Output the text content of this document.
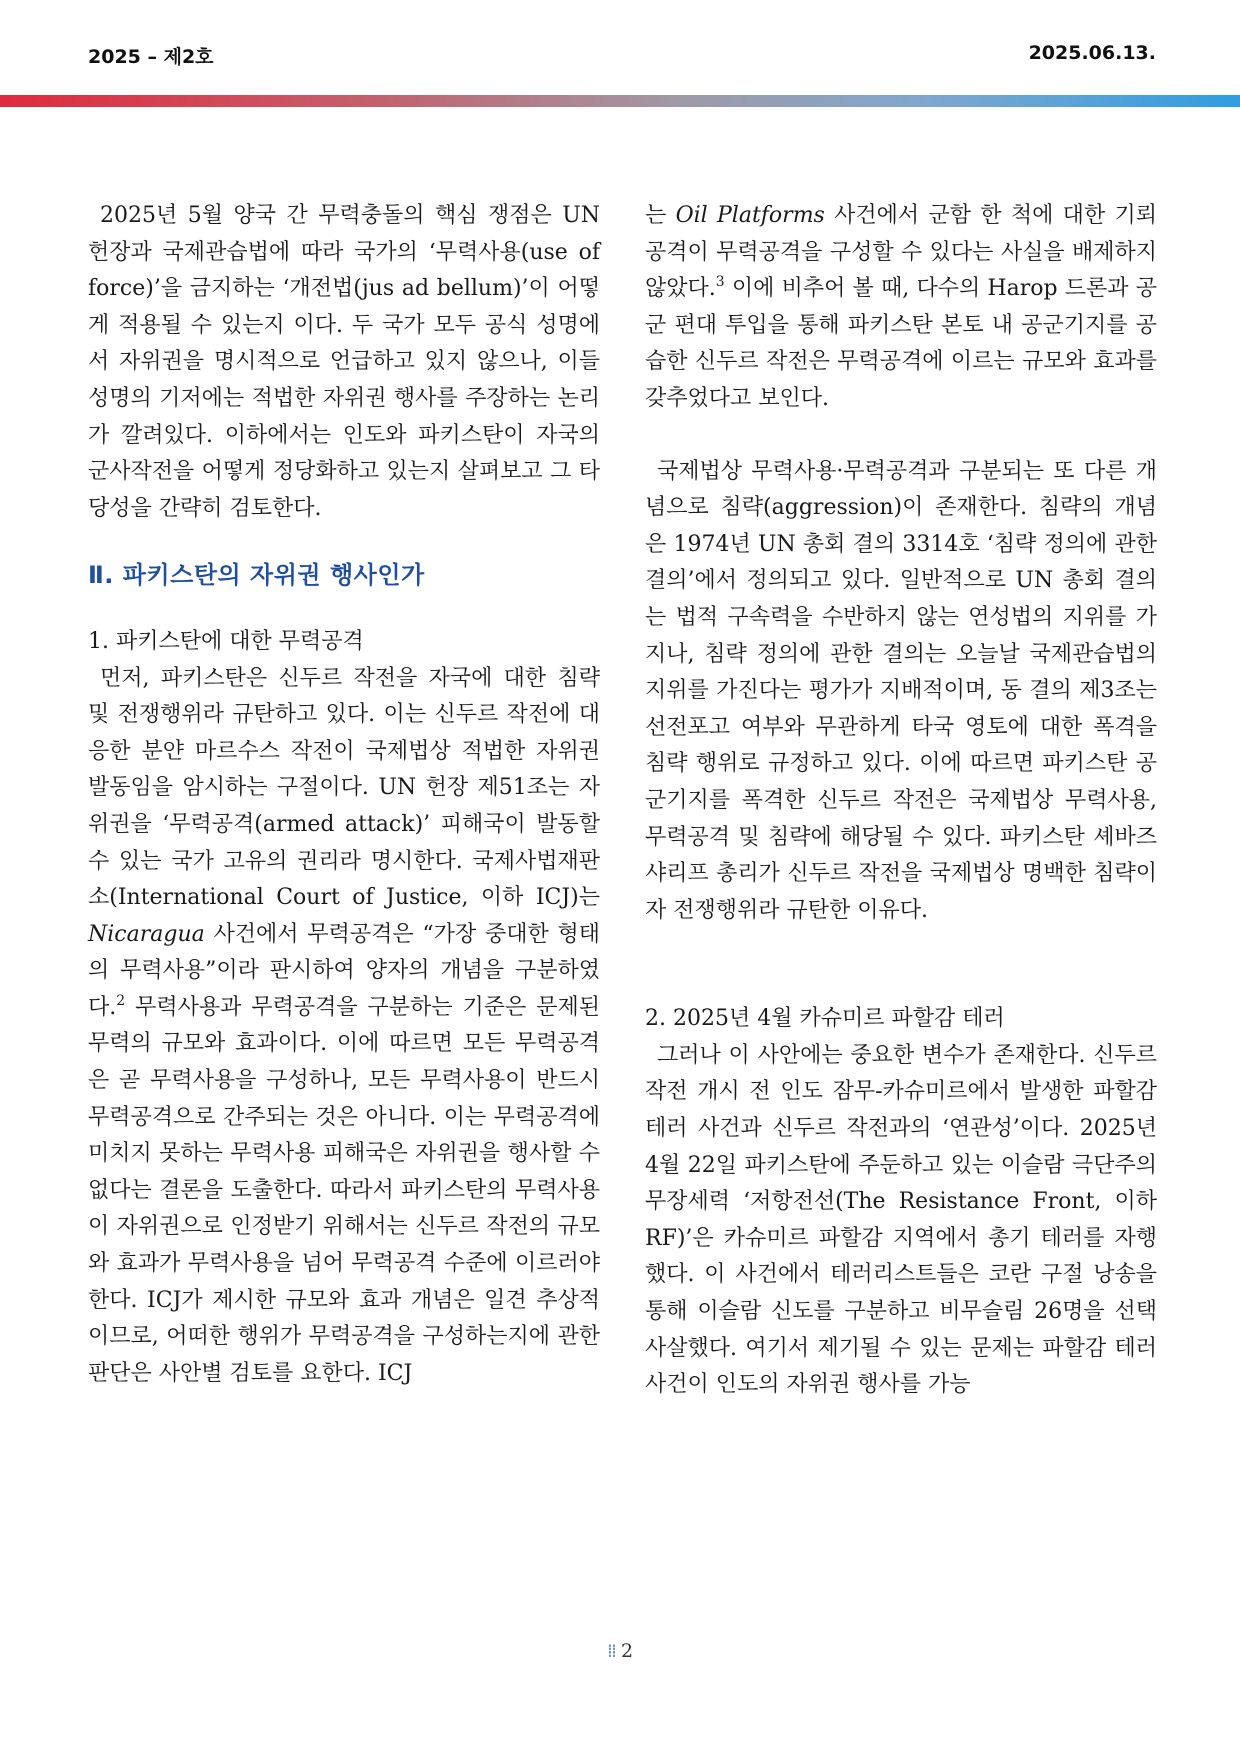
2025 – 제2호	2025.06.13.

2025년 5월 양국 간 무력충돌의 핵심 쟁점은 UN 헌장과 국제관습법에 따라 국가의 ‘무력사용(use of force)’을 금지하는 ‘개전법(jus ad bellum)’이 어떻게 적용될 수 있는지 이다. 두 국가 모두 공식 성명에서 자위권을 명시적으로 언급하고 있지 않으나, 이들 성명의 기저에는 적법한 자위권 행사를 주장하는 논리가 깔려있다. 이하에서는 인도와 파키스탄이 자국의 군사작전을 어떻게 정당화하고 있는지 살펴보고 그 타당성을 간략히 검토한다.

Ⅱ. 파키스탄의 자위권 행사인가

1. 파키스탄에 대한 무력공격

먼저, 파키스탄은 신두르 작전을 자국에 대한 침략 및 전쟁행위라 규탄하고 있다. 이는 신두르 작전에 대응한 분얀 마르수스 작전이 국제법상 적법한 자위권 발동임을 암시하는 구절이다. UN 헌장 제51조는 자위권을 ‘무력공격(armed attack)’ 피해국이 발동할 수 있는 국가 고유의 권리라 명시한다. 국제사법재판소(International Court of Justice, 이하 ICJ)는 Nicaragua 사건에서 무력공격은 “가장 중대한 형태의 무력사용”이라 판시하여 양자의 개념을 구분하였다.$^2$ 무력사용과 무력공격을 구분하는 기준은 문제된 무력의 규모와 효과이다. 이에 따르면 모든 무력공격은 곧 무력사용을 구성하나, 모든 무력사용이 반드시 무력공격으로 간주되는 것은 아니다. 이는 무력공격에 미치지 못하는 무력사용 피해국은 자위권을 행사할 수 없다는 결론을 도출한다. 따라서 파키스탄의 무력사용이 자위권으로 인정받기 위해서는 신두르 작전의 규모와 효과가 무력사용을 넘어 무력공격 수준에 이르러야 한다. ICJ가 제시한 규모와 효과 개념은 일견 추상적이므로, 어떠한 행위가 무력공격을 구성하는지에 관한 판단은 사안별 검토를 요한다. ICJ

는 Oil Platforms 사건에서 군함 한 척에 대한 기뢰 공격이 무력공격을 구성할 수 있다는 사실을 배제하지 않았다.$^3$ 이에 비추어 볼 때, 다수의 Harop 드론과 공군 편대 투입을 통해 파키스탄 본토 내 공군기지를 공습한 신두르 작전은 무력공격에 이르는 규모와 효과를 갖추었다고 보인다.

국제법상 무력사용·무력공격과 구분되는 또 다른 개념으로 침략(aggression)이 존재한다. 침략의 개념은 1974년 UN 총회 결의 3314호 ‘침략 정의에 관한 결의’에서 정의되고 있다. 일반적으로 UN 총회 결의는 법적 구속력을 수반하지 않는 연성법의 지위를 가지나, 침략 정의에 관한 결의는 오늘날 국제관습법의 지위를 가진다는 평가가 지배적이며, 동 결의 제3조는 선전포고 여부와 무관하게 타국 영토에 대한 폭격을 침략 행위로 규정하고 있다. 이에 따르면 파키스탄 공군기지를 폭격한 신두르 작전은 국제법상 무력사용, 무력공격 및 침략에 해당될 수 있다. 파키스탄 셰바즈 샤리프 총리가 신두르 작전을 국제법상 명백한 침략이자 전쟁행위라 규탄한 이유다.

2. 2025년 4월 카슈미르 파할감 테러

그러나 이 사안에는 중요한 변수가 존재한다. 신두르 작전 개시 전 인도 잠무-카슈미르에서 발생한 파할감 테러 사건과 신두르 작전과의 ‘연관성’이다. 2025년 4월 22일 파키스탄에 주둔하고 있는 이슬람 극단주의 무장세력 ‘저항전선(The Resistance Front, 이하 RF)’은 카슈미르 파할감 지역에서 총기 테러를 자행했다. 이 사건에서 테러리스트들은 코란 구절 낭송을 통해 이슬람 신도를 구분하고 비무슬림 26명을 선택 사살했다. 여기서 제기될 수 있는 문제는 파할감 테러 사건이 인도의 자위권 행사를 가능

⁞⁞ 2
